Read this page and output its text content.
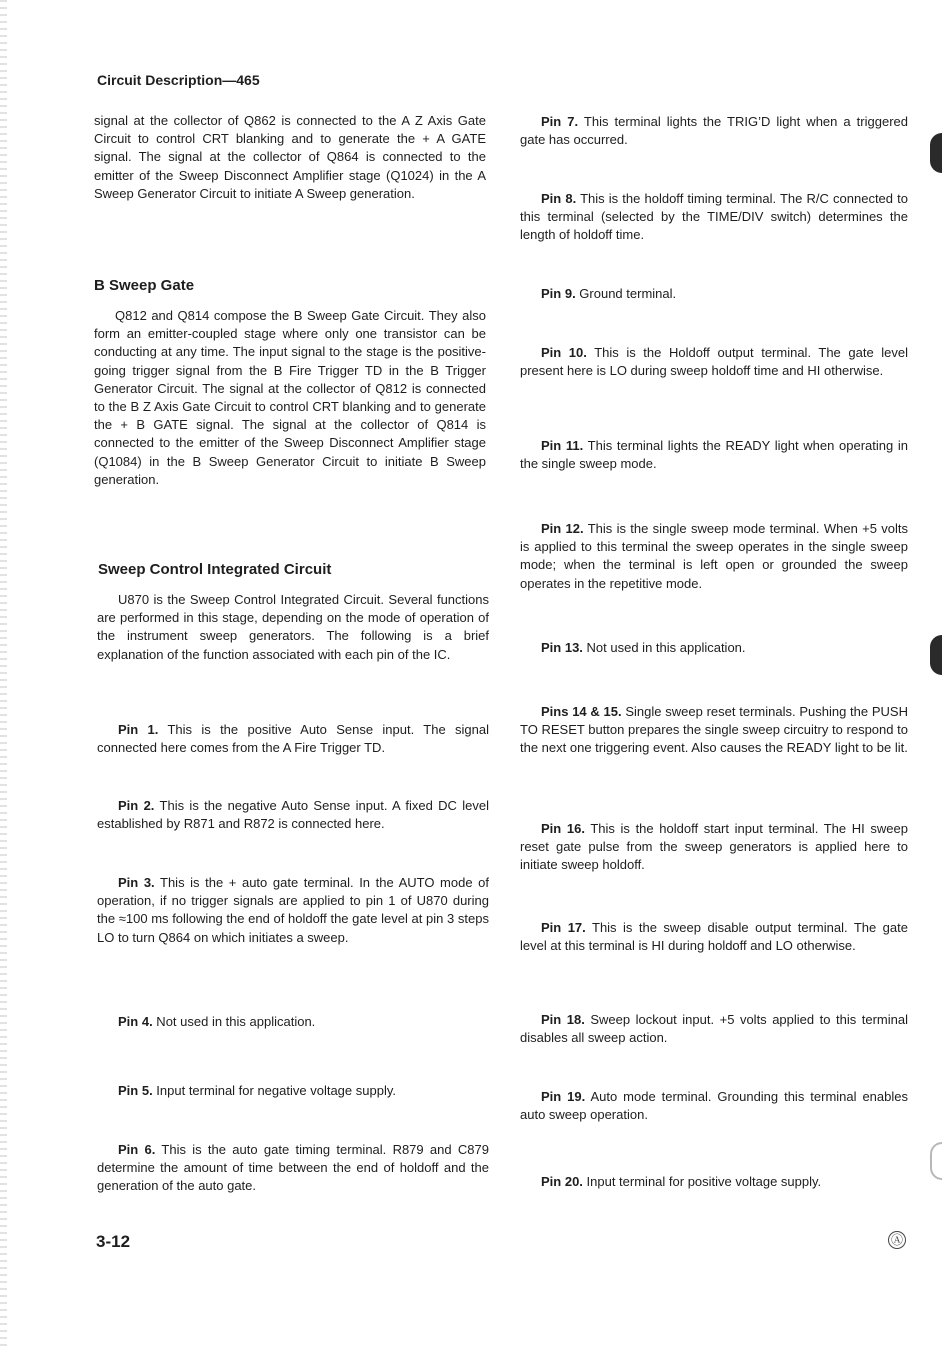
Circuit Description—465

signal at the collector of Q862 is connected to the A Z Axis Gate Circuit to control CRT blanking and to generate the + A GATE signal. The signal at the collector of Q864 is connected to the emitter of the Sweep Disconnect Amplifier stage (Q1024) in the A Sweep Generator Circuit to initiate A Sweep generation.

B Sweep Gate

Q812 and Q814 compose the B Sweep Gate Circuit. They also form an emitter-coupled stage where only one transistor can be conducting at any time. The input signal to the stage is the positive-going trigger signal from the B Fire Trigger TD in the B Trigger Generator Circuit. The signal at the collector of Q812 is connected to the B Z Axis Gate Circuit to control CRT blanking and to generate the + B GATE signal. The signal at the collector of Q814 is connected to the emitter of the Sweep Disconnect Amplifier stage (Q1084) in the B Sweep Generator Circuit to initiate B Sweep generation.

Sweep Control Integrated Circuit

U870 is the Sweep Control Integrated Circuit. Several functions are performed in this stage, depending on the mode of operation of the instrument sweep generators. The following is a brief explanation of the function associated with each pin of the IC.

Pin 1. This is the positive Auto Sense input. The signal connected here comes from the A Fire Trigger TD.

Pin 2. This is the negative Auto Sense input. A fixed DC level established by R871 and R872 is connected here.

Pin 3. This is the + auto gate terminal. In the AUTO mode of operation, if no trigger signals are applied to pin 1 of U870 during the ≈100 ms following the end of holdoff the gate level at pin 3 steps LO to turn Q864 on which initiates a sweep.

Pin 4. Not used in this application.

Pin 5. Input terminal for negative voltage supply.

Pin 6. This is the auto gate timing terminal. R879 and C879 determine the amount of time between the end of holdoff and the generation of the auto gate.

Pin 7. This terminal lights the TRIG’D light when a triggered gate has occurred.

Pin 8. This is the holdoff timing terminal. The R/C connected to this terminal (selected by the TIME/DIV switch) determines the length of holdoff time.

Pin 9. Ground terminal.

Pin 10. This is the Holdoff output terminal. The gate level present here is LO during sweep holdoff time and HI otherwise.

Pin 11. This terminal lights the READY light when operating in the single sweep mode.

Pin 12. This is the single sweep mode terminal. When +5 volts is applied to this terminal the sweep operates in the single sweep mode; when the terminal is left open or grounded the sweep operates in the repetitive mode.

Pin 13. Not used in this application.

Pins 14 & 15. Single sweep reset terminals. Pushing the PUSH TO RESET button prepares the single sweep circuitry to respond to the next one triggering event. Also causes the READY light to be lit.

Pin 16. This is the holdoff start input terminal. The HI sweep reset gate pulse from the sweep generators is applied here to initiate sweep holdoff.

Pin 17. This is the sweep disable output terminal. The gate level at this terminal is HI during holdoff and LO otherwise.

Pin 18. Sweep lockout input. +5 volts applied to this terminal disables all sweep action.

Pin 19. Auto mode terminal. Grounding this terminal enables auto sweep operation.

Pin 20. Input terminal for positive voltage supply.

3-12	Ⓐ
